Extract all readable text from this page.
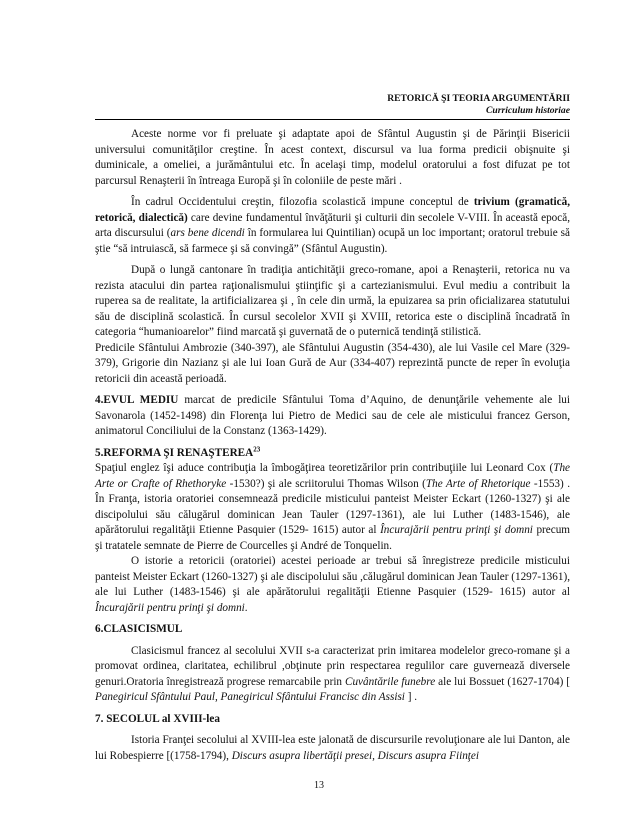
RETORICĂ ŞI TEORIA ARGUMENTĂRII
Curriculum historiae

Aceste norme vor fi preluate şi adaptate apoi de Sfântul Augustin şi de Părinţii Bisericii universului comunităţilor creştine. În acest context, discursul va lua forma predicii obişnuite şi duminicale, a omeliei, a jurământului etc. În acelaşi timp, modelul oratorului a fost difuzat pe tot parcursul Renaşterii în întreaga Europă şi în coloniile de peste mări .

În cadrul Occidentului creştin, filozofia scolastică impune conceptul de trivium (gramatică, retorică, dialectică) care devine fundamentul învăţăturii şi culturii din secolele V-VIII. În această epocă, arta discursului (ars bene dicendi în formularea lui Quintilian) ocupă un loc important; oratorul trebuie să ştie “să intruiască, să farmece şi să convingă” (Sfântul Augustin).

După o lungă cantonare în tradiţia antichităţii greco-romane, apoi a Renaşterii, retorica nu va rezista atacului din partea raţionalismului ştiinţific şi a cartezianismului. Evul mediu a contribuit la ruperea sa de realitate, la artificializarea şi , în cele din urmă, la epuizarea sa prin oficializarea statutului său de disciplină scolastică. În cursul secolelor XVII şi XVIII, retorica este o disciplină încadrată în categoria “humanioarelor” fiind marcată şi guvernată de o puternică tendinţă stilistică.

Predicile Sfântului Ambrozie (340-397), ale Sfântului Augustin (354-430), ale lui Vasile cel Mare (329-379), Grigorie din Nazianz şi ale lui Ioan Gură de Aur (334-407) reprezintă puncte de reper în evoluţia retoricii din această perioadă.

4.EVUL MEDIU marcat de predicile Sfântului Toma d’Aquino, de denunţările vehemente ale lui Savonarola (1452-1498) din Florenţa lui Pietro de Medici sau de cele ale misticului francez Gerson, animatorul Conciliului de la Constanz (1363-1429).

5.REFORMA ŞI RENAŞTEREA$^{23}$

Spaţiul englez îşi aduce contribuţia la îmbogăţirea teoretizărilor prin contribuţiile lui Leonard Cox (The Arte or Crafte of Rhethoryke -1530?) şi ale scriitorului Thomas Wilson (The Arte of Rhetorique -1553) . În Franţa, istoria oratoriei consemnează predicile misticului panteist Meister Eckart (1260-1327) şi ale discipolului său călugărul dominican Jean Tauler (1297-1361), ale lui Luther (1483-1546), ale apărătorului regalităţii Etienne Pasquier (1529- 1615) autor al Încurajării pentru prinţi şi domni precum şi tratatele semnate de Pierre de Courcelles şi André de Tonquelin.

O istorie a retoricii (oratoriei) acestei perioade ar trebui să înregistreze predicile misticului panteist Meister Eckart (1260-1327) şi ale discipolului său ,călugărul dominican Jean Tauler (1297-1361), ale lui Luther (1483-1546) şi ale apărătorului regalităţii Etienne Pasquier (1529- 1615) autor al Încurajării pentru prinţi şi domni.

6.CLASICISMUL

Clasicismul francez al secolului XVII s-a caracterizat prin imitarea modelelor greco-romane şi a promovat ordinea, claritatea, echilibrul ,obţinute prin respectarea regulilor care guvernează diversele genuri.Oratoria înregistrează progrese remarcabile prin Cuvântările funebre ale lui Bossuet (1627-1704) [ Panegiricul Sfântului Paul, Panegiricul Sfântului Francisc din Assisi ] .

7. SECOLUL al XVIII-lea

Istoria Franţei secolului al XVIII-lea este jalonată de discursurile revoluţionare ale lui Danton, ale lui Robespierre [(1758-1794), Discurs asupra libertăţii presei, Discurs asupra Fiinţei

13
